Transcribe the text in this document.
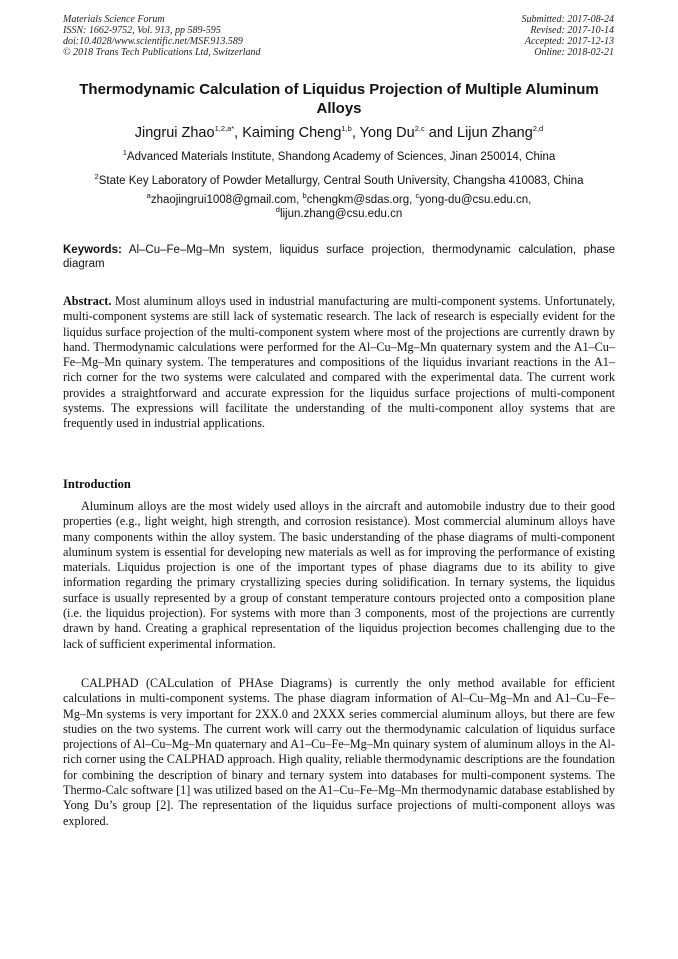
Materials Science Forum
ISSN: 1662-9752, Vol. 913, pp 589-595
doi:10.4028/www.scientific.net/MSF.913.589
© 2018 Trans Tech Publications Ltd, Switzerland
Submitted: 2017-08-24
Revised: 2017-10-14
Accepted: 2017-12-13
Online: 2018-02-21
Thermodynamic Calculation of Liquidus Projection of Multiple Aluminum Alloys
Jingrui Zhao$^{1,2,a*}$, Kaiming Cheng$^{1,b}$, Yong Du$^{2,c}$ and Lijun Zhang$^{2,d}$
$^1$Advanced Materials Institute, Shandong Academy of Sciences, Jinan 250014, China
$^2$State Key Laboratory of Powder Metallurgy, Central South University, Changsha 410083, China
$^a$zhaojingrui1008@gmail.com, $^b$chengkm@sdas.org, $^c$yong-du@csu.edu.cn,
$^d$lijun.zhang@csu.edu.cn
Keywords: Al–Cu–Fe–Mg–Mn system, liquidus surface projection, thermodynamic calculation, phase diagram
Abstract. Most aluminum alloys used in industrial manufacturing are multi-component systems. Unfortunately, multi-component systems are still lack of systematic research. The lack of research is especially evident for the liquidus surface projection of the multi-component system where most of the projections are currently drawn by hand. Thermodynamic calculations were performed for the Al–Cu–Mg–Mn quaternary system and the A1–Cu–Fe–Mg–Mn quinary system. The temperatures and compositions of the liquidus invariant reactions in the A1–rich corner for the two systems were calculated and compared with the experimental data. The current work provides a straightforward and accurate expression for the liquidus surface projections of multi-component systems. The expressions will facilitate the understanding of the multi-component alloy systems that are frequently used in industrial applications.
Introduction
Aluminum alloys are the most widely used alloys in the aircraft and automobile industry due to their good properties (e.g., light weight, high strength, and corrosion resistance). Most commercial aluminum alloys have many components within the alloy system. The basic understanding of the phase diagrams of multi-component aluminum system is essential for developing new materials as well as for improving the performance of existing materials. Liquidus projection is one of the important types of phase diagrams due to its ability to give information regarding the primary crystallizing species during solidification. In ternary systems, the liquidus surface is usually represented by a group of constant temperature contours projected onto a composition plane (i.e. the liquidus projection). For systems with more than 3 components, most of the projections are currently drawn by hand. Creating a graphical representation of the liquidus projection becomes challenging due to the lack of sufficient experimental information.
CALPHAD (CALculation of PHAse Diagrams) is currently the only method available for efficient calculations in multi-component systems. The phase diagram information of Al–Cu–Mg–Mn and A1–Cu–Fe–Mg–Mn systems is very important for 2XX.0 and 2XXX series commercial aluminum alloys, but there are few studies on the two systems. The current work will carry out the thermodynamic calculation of liquidus surface projections of Al–Cu–Mg–Mn quaternary and A1–Cu–Fe–Mg–Mn quinary system of aluminum alloys in the Al-rich corner using the CALPHAD approach. High quality, reliable thermodynamic descriptions are the foundation for combining the description of binary and ternary system into databases for multi-component systems. The Thermo-Calc software [1] was utilized based on the A1–Cu–Fe–Mg–Mn thermodynamic database established by Yong Du’s group [2]. The representation of the liquidus surface projections of multi-component alloys was explored.
